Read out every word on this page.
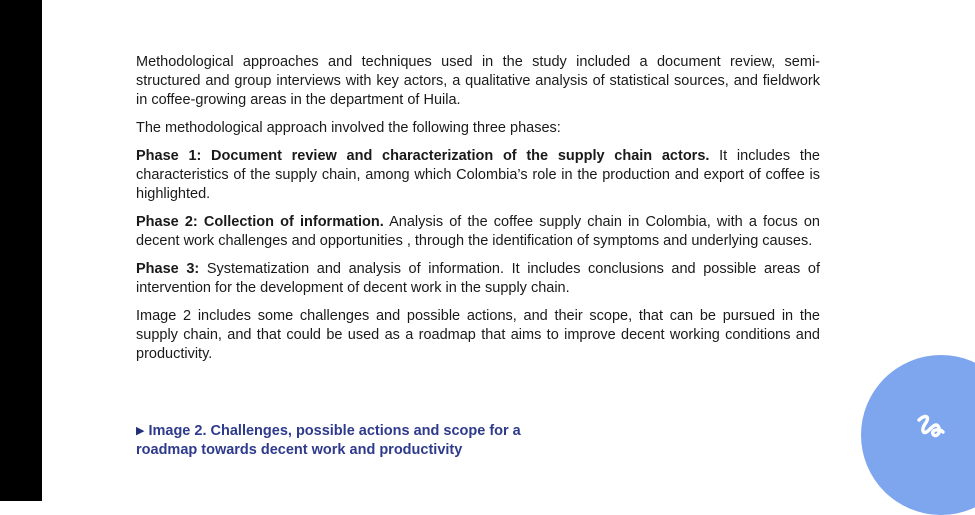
Methodological approaches and techniques used in the study included a document review, semi-structured and group interviews with key actors, a qualitative analysis of statistical sources, and fieldwork in coffee-growing areas in the department of Huila.

The methodological approach involved the following three phases:

Phase 1: Document review and characterization of the supply chain actors. It includes the characteristics of the supply chain, among which Colombia’s role in the production and export of coffee is highlighted.

Phase 2: Collection of information. Analysis of the coffee supply chain in Colombia, with a focus on decent work challenges and opportunities , through the identification of symptoms and underlying causes.

Phase 3: Systematization and analysis of information. It includes conclusions and possible areas of intervention for the development of decent work in the supply chain.

Image 2 includes some challenges and possible actions, and their scope, that can be pursued in the supply chain, and that could be used as a roadmap that aims to improve decent working conditions and productivity.

▶ Image 2. Challenges, possible actions and scope for a roadmap towards decent work and productivity
